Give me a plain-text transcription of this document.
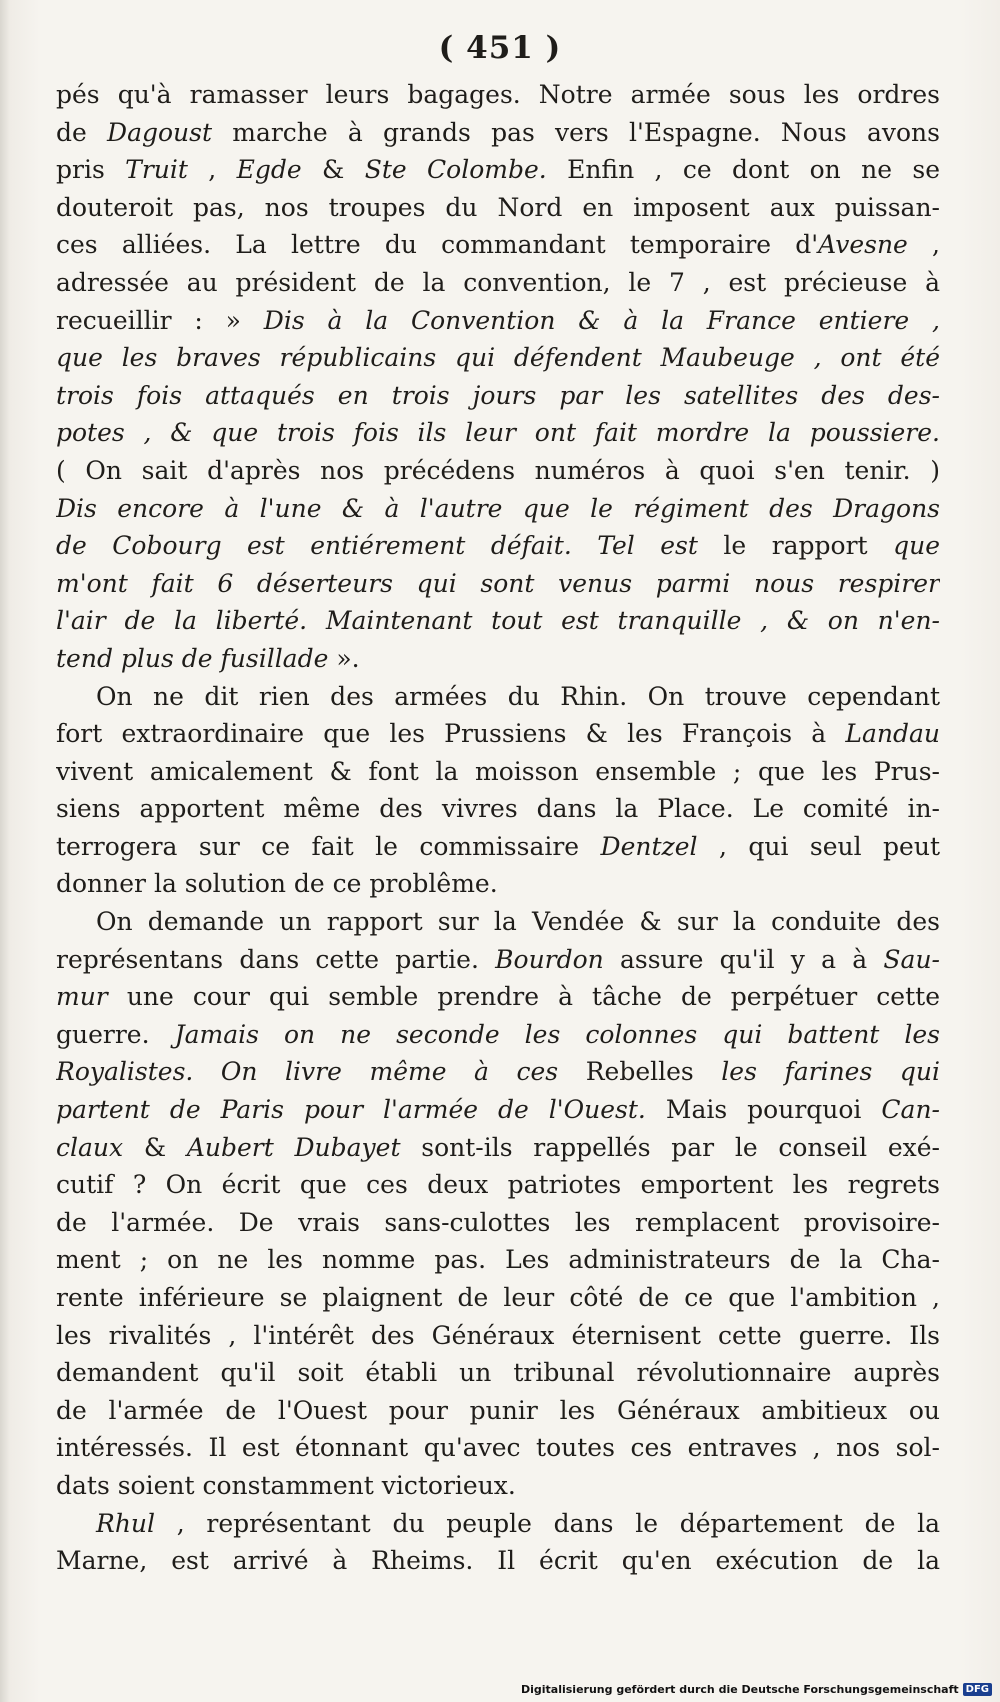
( 451 )
pés qu'à ramasser leurs bagages. Notre armée sous les ordres
de Dagoust marche à grands pas vers l'Espagne. Nous avons
pris Truit , Egde & Ste Colombe. Enfin , ce dont on ne se
douteroit pas, nos troupes du Nord en imposent aux puissan-
ces alliées. La lettre du commandant temporaire d'Avesne ,
adressée au président de la convention, le 7 , est précieuse à
recueillir : » Dis à la Convention & à la France entiere ,
que les braves républicains qui défendent Maubeuge , ont été
trois fois attaqués en trois jours par les satellites des des-
potes , & que trois fois ils leur ont fait mordre la poussiere.
( On sait d'après nos précédens numéros à quoi s'en tenir. )
Dis encore à l'une & à l'autre que le régiment des Dragons
de Cobourg est entiérement défait. Tel est le rapport que
m'ont fait 6 déserteurs qui sont venus parmi nous respirer
l'air de la liberté. Maintenant tout est tranquille , & on n'en-
tend plus de fusillade ».
On ne dit rien des armées du Rhin. On trouve cependant
fort extraordinaire que les Prussiens & les François à Landau
vivent amicalement & font la moisson ensemble ; que les Prus-
siens apportent même des vivres dans la Place. Le comité in-
terrogera sur ce fait le commissaire Dentzel , qui seul peut
donner la solution de ce problême.
On demande un rapport sur la Vendée & sur la conduite des
représentans dans cette partie. Bourdon assure qu'il y a à Sau-
mur une cour qui semble prendre à tâche de perpétuer cette
guerre. Jamais on ne seconde les colonnes qui battent les
Royalistes. On livre même à ces Rebelles les farines qui
partent de Paris pour l'armée de l'Ouest. Mais pourquoi Can-
claux & Aubert Dubayet sont-ils rappellés par le conseil exé-
cutif ? On écrit que ces deux patriotes emportent les regrets
de l'armée. De vrais sans-culottes les remplacent provisoire-
ment ; on ne les nomme pas. Les administrateurs de la Cha-
rente inférieure se plaignent de leur côté de ce que l'ambition ,
les rivalités , l'intérêt des Généraux éternisent cette guerre. Ils
demandent qu'il soit établi un tribunal révolutionnaire auprès
de l'armée de l'Ouest pour punir les Généraux ambitieux ou
intéressés. Il est étonnant qu'avec toutes ces entraves , nos sol-
dats soient constamment victorieux.
Rhul , représentant du peuple dans le département de la
Marne, est arrivé à Rheims. Il écrit qu'en exécution de la
Digitalisierung gefördert durch die Deutsche Forschungsgemeinschaft DFG
